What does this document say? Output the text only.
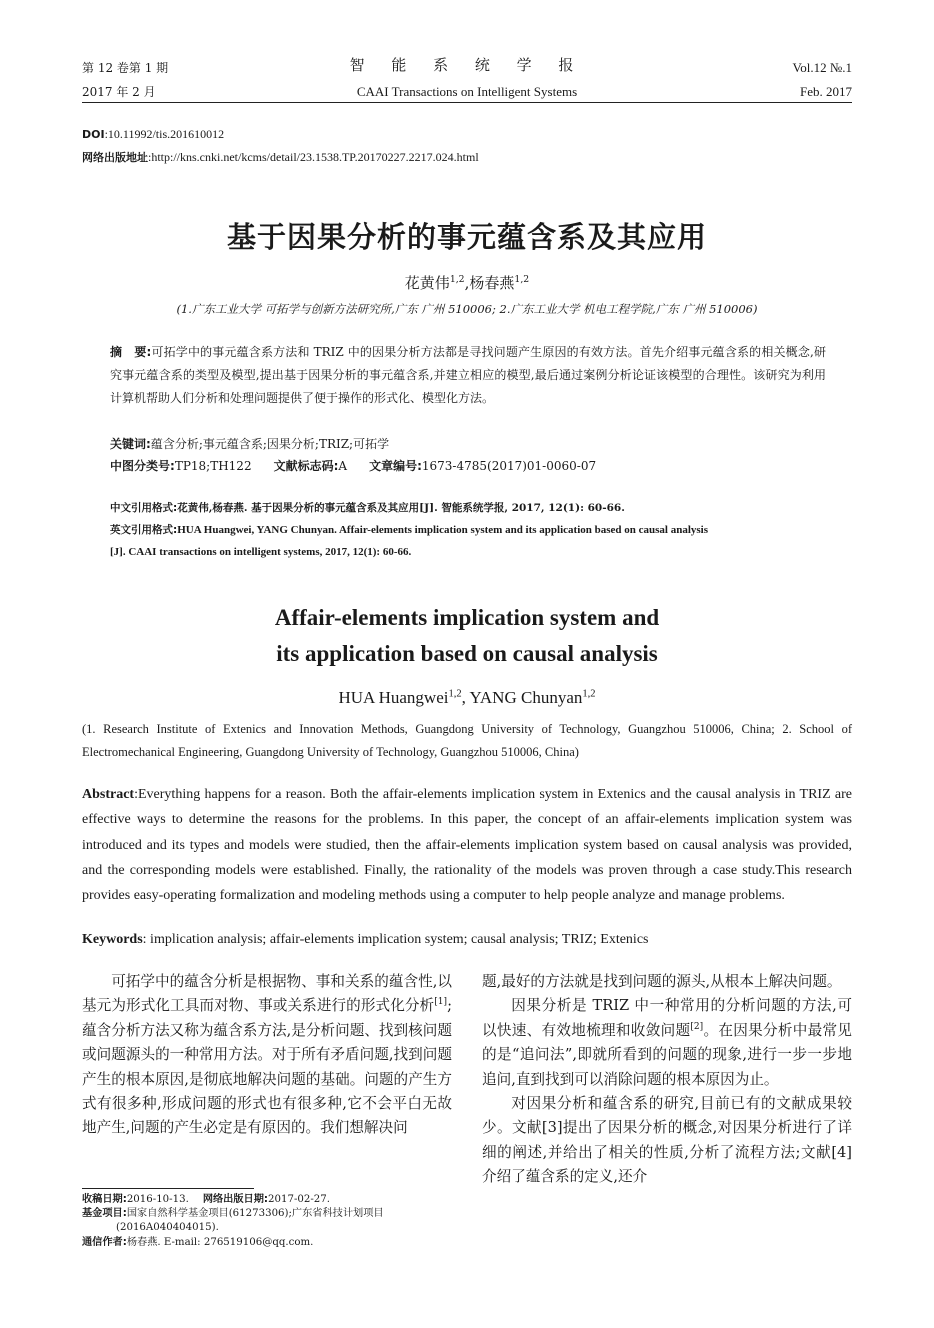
第 12 卷第 1 期	智 能 系 统 学 报	Vol.12 №.1
2017 年 2 月	CAAI Transactions on Intelligent Systems	Feb. 2017
DOI:10.11992/tis.201610012
网络出版地址:http://kns.cnki.net/kcms/detail/23.1538.TP.20170227.2217.024.html
基于因果分析的事元蕴含系及其应用
花黄伟$^{1,2}$,杨春燕$^{1,2}$
(1.广东工业大学 可拓学与创新方法研究所,广东 广州 510006; 2.广东工业大学 机电工程学院,广东 广州 510006)
摘　要:可拓学中的事元蕴含系方法和 TRIZ 中的因果分析方法都是寻找问题产生原因的有效方法。首先介绍事元蕴含系的相关概念,研究事元蕴含系的类型及模型,提出基于因果分析的事元蕴含系,并建立相应的模型,最后通过案例分析论证该模型的合理性。该研究为利用计算机帮助人们分析和处理问题提供了便于操作的形式化、模型化方法。
关键词:蕴含分析;事元蕴含系;因果分析;TRIZ;可拓学
中图分类号:TP18;TH122 文献标志码:A 文章编号:1673-4785(2017)01-0060-07
中文引用格式:花黄伟,杨春燕. 基于因果分析的事元蕴含系及其应用[J]. 智能系统学报, 2017, 12(1): 60-66.
英文引用格式:HUA Huangwei, YANG Chunyan. Affair-elements implication system and its application based on causal analysis
[J]. CAAI transactions on intelligent systems, 2017, 12(1): 60-66.
Affair-elements implication system and
its application based on causal analysis
HUA Huangwei$^{1,2}$, YANG Chunyan$^{1,2}$
(1. Research Institute of Extenics and Innovation Methods, Guangdong University of Technology, Guangzhou 510006, China; 2. School of Electromechanical Engineering, Guangdong University of Technology, Guangzhou 510006, China)
Abstract:Everything happens for a reason. Both the affair-elements implication system in Extenics and the causal analysis in TRIZ are effective ways to determine the reasons for the problems. In this paper, the concept of an affair-elements implication system was introduced and its types and models were studied, then the affair-elements implication system based on causal analysis was provided, and the corresponding models were established. Finally, the rationality of the models was proven through a case study.This research provides easy-operating formalization and modeling methods using a computer to help people analyze and manage problems.
Keywords: implication analysis; affair-elements implication system; causal analysis; TRIZ; Extenics

可拓学中的蕴含分析是根据物、事和关系的蕴含性,以基元为形式化工具而对物、事或关系进行的形式化分析[1];蕴含分析方法又称为蕴含系方法,是分析问题、找到核问题或问题源头的一种常用方法。对于所有矛盾问题,找到问题产生的根本原因,是彻底地解决问题的基础。问题的产生方式有很多种,形成问题的形式也有很多种,它不会平白无故地产生,问题的产生必定是有原因的。我们想解决问

题,最好的方法就是找到问题的源头,从根本上解决问题。

因果分析是 TRIZ 中一种常用的分析问题的方法,可以快速、有效地梳理和收敛问题[2]。在因果分析中最常见的是“追问法”,即就所看到的问题的现象,进行一步一步地追问,直到找到可以消除问题的根本原因为止。

对因果分析和蕴含系的研究,目前已有的文献成果较少。文献[3]提出了因果分析的概念,对因果分析进行了详细的阐述,并给出了相关的性质,分析了流程方法;文献[4]介绍了蕴含系的定义,还介

收稿日期:2016-10-13. 网络出版日期:2017-02-27.
基金项目:国家自然科学基金项目(61273306);广东省科技计划项目
(2016A040404015).
通信作者:杨春燕. E-mail: 276519106@qq.com.
